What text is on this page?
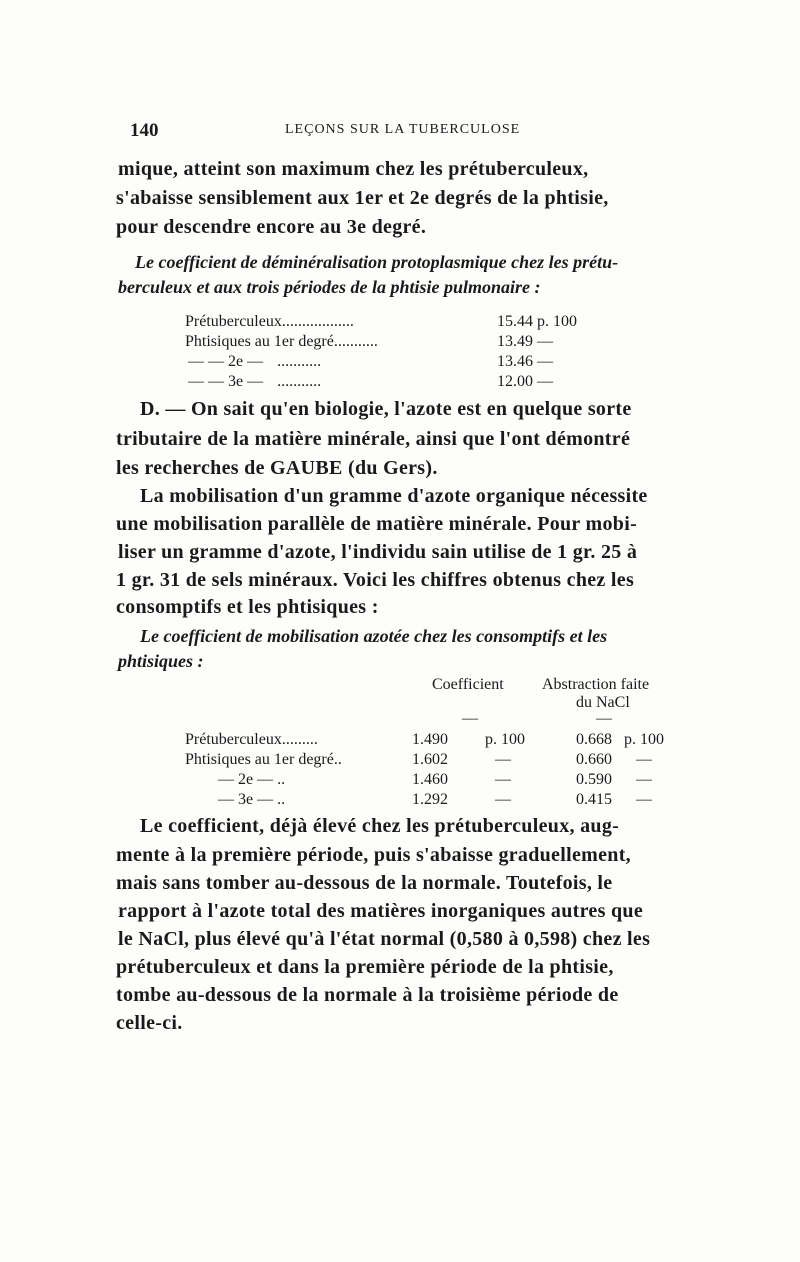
140	LEÇONS SUR LA TUBERCULOSE
mique, atteint son maximum chez les prétuberculeux,
s'abaisse sensiblement aux 1er et 2e degrés de la phtisie,
pour descendre encore au 3e degré.
Le coefficient de déminéralisation protoplasmique chez les prétu-
berculeux et aux trois périodes de la phtisie pulmonaire :
Prétuberculeux..................	15.44 p. 100
Phtisiques au 1er degré...........	13.49 —
— — 2e — ...........	13.46 —
— — 3e — ...........	12.00 —
D. — On sait qu'en biologie, l'azote est en quelque sorte
tributaire de la matière minérale, ainsi que l'ont démontré
les recherches de GAUBE (du Gers).
La mobilisation d'un gramme d'azote organique nécessite
une mobilisation parallèle de matière minérale. Pour mobi-
liser un gramme d'azote, l'individu sain utilise de 1 gr. 25 à
1 gr. 31 de sels minéraux. Voici les chiffres obtenus chez les
consomptifs et les phtisiques :
Le coefficient de mobilisation azotée chez les consomptifs et les
phtisiques :
Coefficient Abstraction faite
du NaCl
—	—
Prétuberculeux.........	1.490 p. 100	0.668 p. 100
Phtisiques au 1er degré..	1.602	—	0.660 —
— 2e — ..	1.460	—	0.590 —
— 3e — ..	1.292	—	0.415 —
Le coefficient, déjà élevé chez les prétuberculeux, aug-
mente à la première période, puis s'abaisse graduellement,
mais sans tomber au-dessous de la normale. Toutefois, le
rapport à l'azote total des matières inorganiques autres que
le NaCl, plus élevé qu'à l'état normal (0,580 à 0,598) chez les
prétuberculeux et dans la première période de la phtisie,
tombe au-dessous de la normale à la troisième période de
celle-ci.
